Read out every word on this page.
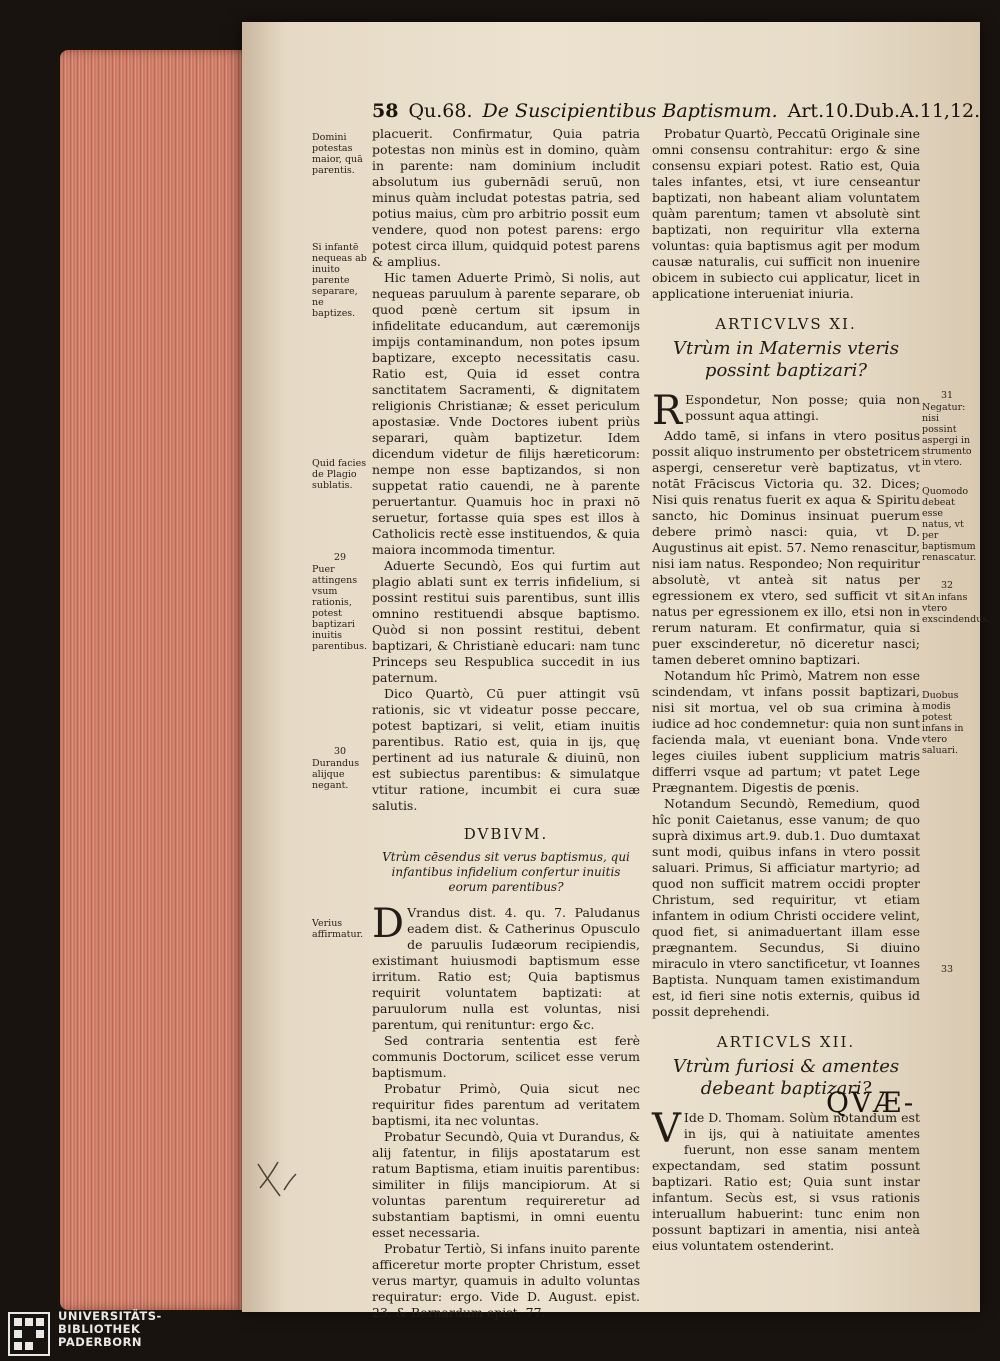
58 Qu.68. De Suscipientibus Baptismum. Art.10.Dub.A.11,12.
Domini potestas maior, quā parentis.
Si infantē nequeas ab inuito parente separare, ne baptizes.
Quid facies de Plagio sublatis.
29
Puer attingens vsum rationis, potest baptizari inuitis parentibus.
30
Durandus alijque negant.
Verius affirmatur.

placuerit. Confirmatur, Quia patria potestas non minùs est in domino, quàm in parente: nam dominium includit absolutum ius gubernādi seruū, non minus quàm includat potestas patria, sed potius maius, cùm pro arbitrio possit eum vendere, quod non potest parens: ergo potest circa illum, quidquid potest parens & amplius.

Hic tamen Aduerte Primò, Si nolis, aut nequeas paruulum à parente separare, ob quod pœnè certum sit ipsum in infidelitate educandum, aut cæremonijs impijs contaminandum, non potes ipsum baptizare, excepto necessitatis casu. Ratio est, Quia id esset contra sanctitatem Sacramenti, & dignitatem religionis Christianæ; & esset periculum apostasiæ. Vnde Doctores iubent priùs separari, quàm baptizetur. Idem dicendum videtur de filijs hæreticorum: nempe non esse baptizandos, si non suppetat ratio cauendi, ne à parente peruertantur. Quamuis hoc in praxi nō seruetur, fortasse quia spes est illos à Catholicis rectè esse instituendos, & quia maiora incommoda timentur.

Aduerte Secundò, Eos qui furtim aut plagio ablati sunt ex terris infidelium, si possint restitui suis parentibus, sunt illis omnino restituendi absque baptismo. Quòd si non possint restitui, debent baptizari, & Christianè educari: nam tunc Princeps seu Respublica succedit in ius paternum.

Dico Quartò, Cū puer attingit vsū rationis, sic vt videatur posse peccare, potest baptizari, si velit, etiam inuitis parentibus. Ratio est, quia in ijs, quę pertinent ad ius naturale & diuinū, non est subiectus parentibus: & simulatque vtitur ratione, incumbit ei cura suæ salutis.

DVBIVM.
Vtrùm cēsendus sit verus baptismus, qui infantibus infidelium confertur inuitis eorum parentibus?

D Vrandus dist. 4. qu. 7. Paludanus eadem dist. & Catherinus Opusculo de paruulis Iudæorum recipiendis, existimant huiusmodi baptismum esse irritum. Ratio est; Quia baptismus requirit voluntatem baptizati: at paruulorum nulla est voluntas, nisi parentum, qui renituntur: ergo &c.

Sed contraria sententia est ferè communis Doctorum, scilicet esse verum baptismum.

Probatur Primò, Quia sicut nec requiritur fides parentum ad veritatem baptismi, ita nec voluntas.

Probatur Secundò, Quia vt Durandus, & alij fatentur, in filijs apostatarum est ratum Baptisma, etiam inuitis parentibus: similiter in filijs mancipiorum. At si voluntas parentum requireretur ad substantiam baptismi, in omni euentu esset necessaria.

Probatur Tertiò, Si infans inuito parente afficeretur morte propter Christum, esset verus martyr, quamuis in adulto voluntas requiratur: ergo. Vide D. August. epist. 23. & Bernardum epist. 77.

Probatur Quartò, Peccatū Originale sine omni consensu contrahitur: ergo & sine consensu expiari potest. Ratio est, Quia tales infantes, etsi, vt iure censeantur baptizati, non habeant aliam voluntatem quàm parentum; tamen vt absolutè sint baptizati, non requiritur vlla externa voluntas: quia baptismus agit per modum causæ naturalis, cui sufficit non inuenire obicem in subiecto cui applicatur, licet in applicatione interueniat iniuria.

ARTICVLVS XI.
Vtrùm in Maternis vteris possint baptizari?

R Espondetur, Non posse; quia non possunt aqua attingi.

Addo tamē, si infans in vtero positus possit aliquo instrumento per obstetricem aspergi, censeretur verè baptizatus, vt notāt Frāciscus Victoria qu. 32. Dices; Nisi quis renatus fuerit ex aqua & Spiritu sancto, hic Dominus insinuat puerum debere primò nasci: quia, vt D. Augustinus ait epist. 57. Nemo renascitur, nisi iam natus. Respondeo; Non requiritur absolutè, vt anteà sit natus per egressionem ex vtero, sed sufficit vt sit natus per egressionem ex illo, etsi non in rerum naturam. Et confirmatur, quia si puer exscinderetur, nō diceretur nasci; tamen deberet omnino baptizari.

Notandum hîc Primò, Matrem non esse scindendam, vt infans possit baptizari, nisi sit mortua, vel ob sua crimina à iudice ad hoc condemnetur: quia non sunt facienda mala, vt eueniant bona. Vnde leges ciuiles iubent supplicium matris differri vsque ad partum; vt patet Lege Prægnantem. Digestis de pœnis.

Notandum Secundò, Remedium, quod hîc ponit Caietanus, esse vanum; de quo suprà diximus art.9. dub.1. Duo dumtaxat sunt modi, quibus infans in vtero possit saluari. Primus, Si afficiatur martyrio; ad quod non sufficit matrem occidi propter Christum, sed requiritur, vt etiam infantem in odium Christi occidere velint, quod fiet, si animaduertant illam esse prægnantem. Secundus, Si diuino miraculo in vtero sanctificetur, vt Ioannes Baptista. Nunquam tamen existimandum est, id fieri sine notis externis, quibus id possit deprehendi.

ARTICVLS XII.
Vtrùm furiosi & amentes debeant baptizari?

V Ide D. Thomam. Solùm notandum est in ijs, qui à natiuitate amentes fuerunt, non esse sanam mentem expectandam, sed statim possunt baptizari. Ratio est; Quia sunt instar infantum. Secùs est, si vsus rationis interuallum habuerint: tunc enim non possunt baptizari in amentia, nisi anteà eius voluntatem ostenderint.

31
Negatur: nisi possint aspergi in strumento in vtero.
Quomodo debeat esse natus, vt per baptismum renascatur.
32
An infans vtero exscindendus.
Duobus modis potest infans in vtero saluari.
33
QVÆ-
UNIVERSITÄTS-
BIBLIOTHEK
PADERBORN
